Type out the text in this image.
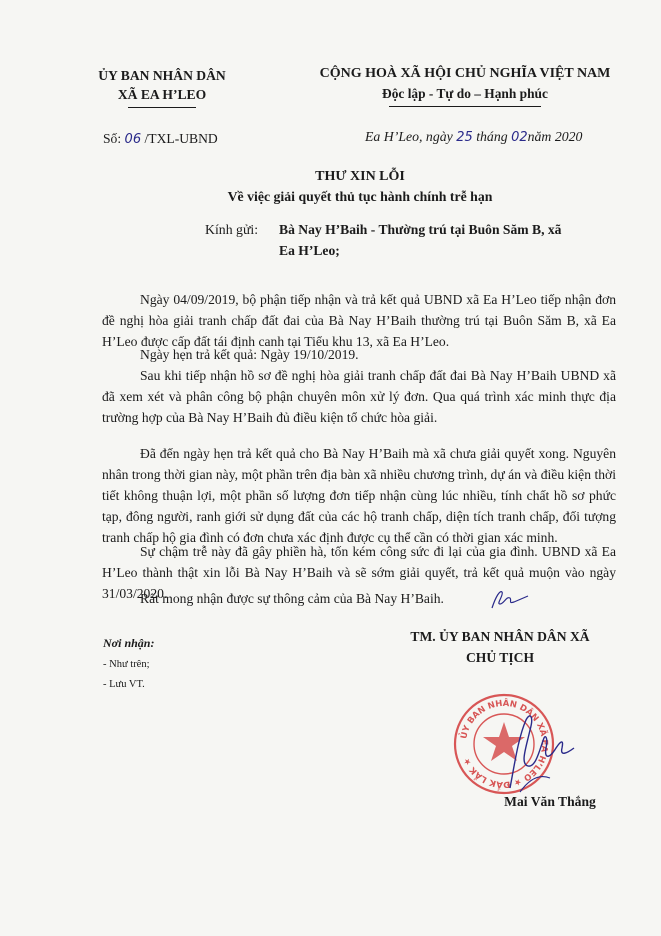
ỦY BAN NHÂN DÂN
XÃ EA H’LEO
CỘNG HOÀ XÃ HỘI CHỦ NGHĨA VIỆT NAM
Độc lập - Tự do – Hạnh phúc
Số: 06 /TXL-UBND	Ea H’Leo, ngày 25 tháng 02năm 2020
THƯ XIN LỖI
Về việc giải quyết thủ tục hành chính trễ hạn
Kính gửi: Bà Nay H’Baih - Thường trú tại Buôn Săm B, xã
Ea H’Leo;

Ngày 04/09/2019, bộ phận tiếp nhận và trả kết quả UBND xã Ea H’Leo tiếp nhận đơn đề nghị hòa giải tranh chấp đất đai của Bà Nay H’Baih thường trú tại Buôn Săm B, xã Ea H’Leo được cấp đất tái định canh tại Tiểu khu 13, xã Ea H’Leo.

Ngày hẹn trả kết quả: Ngày 19/10/2019.

Sau khi tiếp nhận hồ sơ đề nghị hòa giải tranh chấp đất đai Bà Nay H’Baih UBND xã đã xem xét và phân công bộ phận chuyên môn xử lý đơn. Qua quá trình xác minh thực địa trường hợp của Bà Nay H’Baih đủ điều kiện tổ chức hòa giải.

Đã đến ngày hẹn trả kết quả cho Bà Nay H’Baih mà xã chưa giải quyết xong. Nguyên nhân trong thời gian này, một phần trên địa bàn xã nhiều chương trình, dự án và điều kiện thời tiết không thuận lợi, một phần số lượng đơn tiếp nhận cùng lúc nhiều, tính chất hồ sơ phức tạp, đông người, ranh giới sử dụng đất của các hộ tranh chấp, diện tích tranh chấp, đối tượng tranh chấp hộ gia đình có đơn chưa xác định được cụ thể cần có thời gian xác minh.

Sự chậm trễ này đã gây phiền hà, tốn kém công sức đi lại của gia đình. UBND xã Ea H’Leo thành thật xin lỗi Bà Nay H’Baih và sẽ sớm giải quyết, trả kết quả muộn vào ngày 31/03/2020.

Rất mong nhận được sự thông cảm của Bà Nay H’Baih.

Nơi nhận:
- Như trên;
- Lưu VT.
TM. ỦY BAN NHÂN DÂN XÃ
CHỦ TỊCH
ỦY BAN NHÂN DÂN XÃ EA H’LEO ★ ĐẮK LẮK ★
Mai Văn Thắng
